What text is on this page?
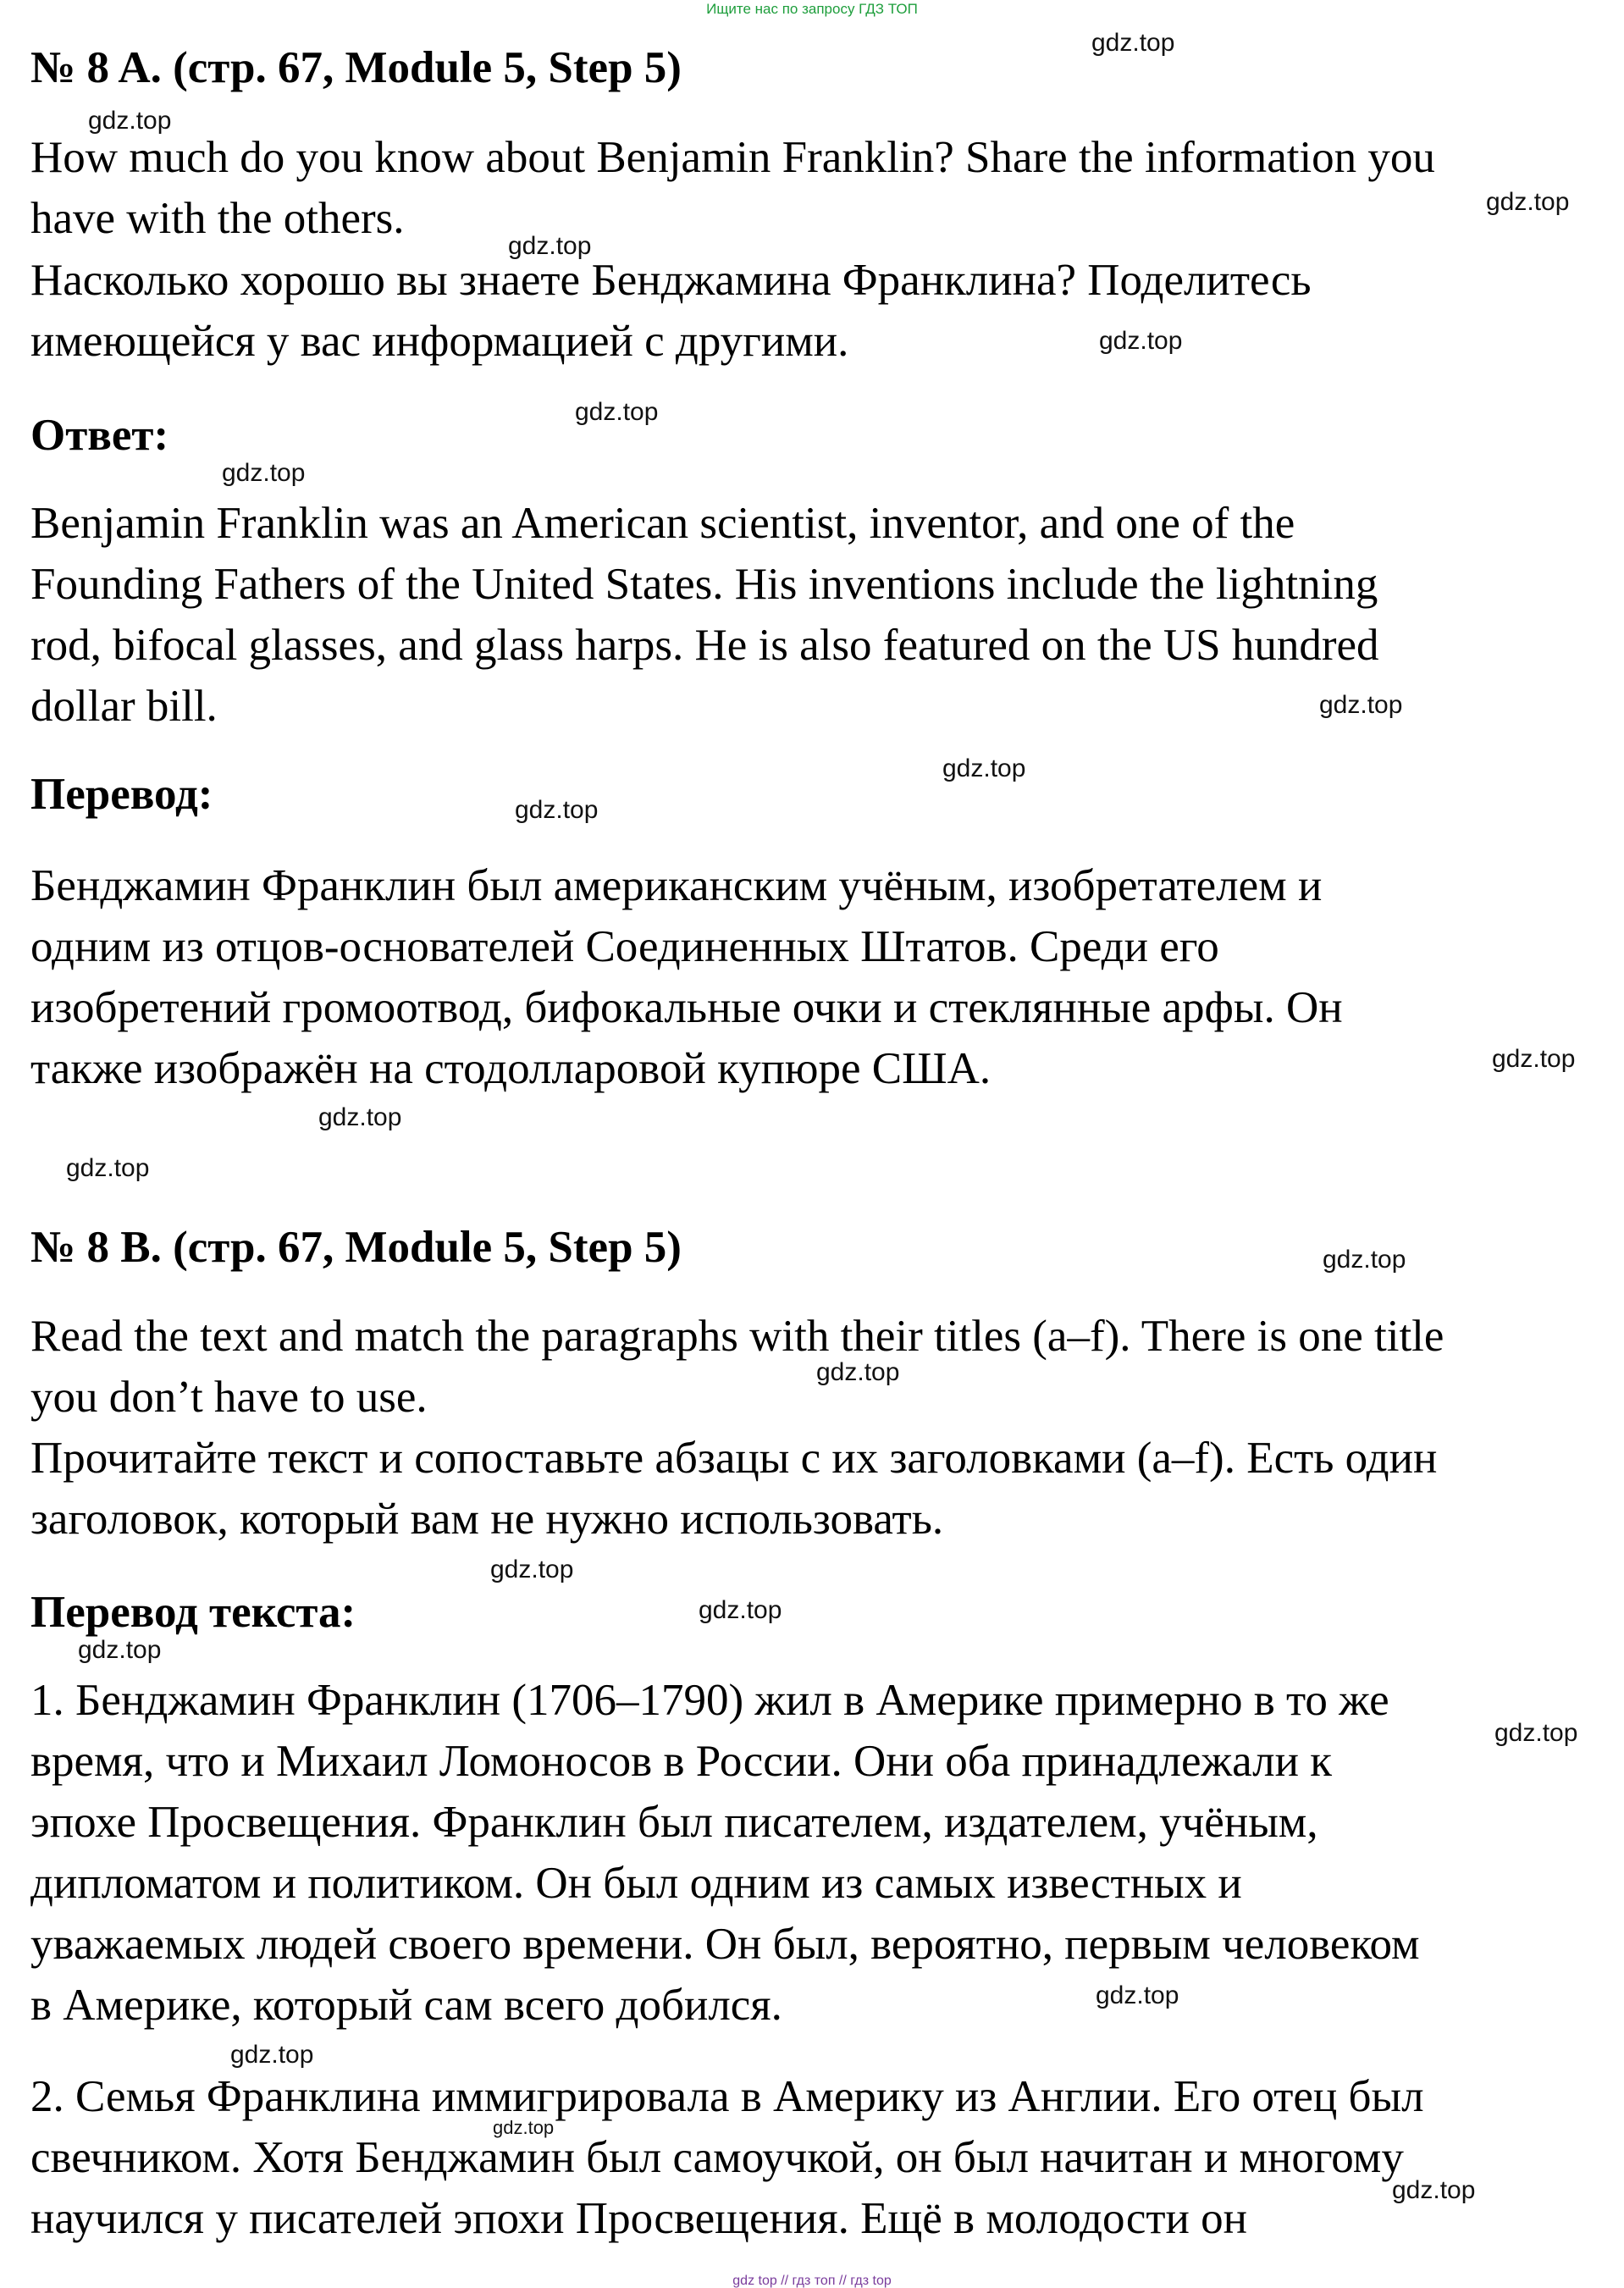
Ищите нас по запросу ГДЗ ТОП
№ 8 A. (стр. 67, Module 5, Step 5)
How much do you know about Benjamin Franklin? Share the information you
have with the others.
Насколько хорошо вы знаете Бенджамина Франклина? Поделитесь
имеющейся у вас информацией с другими.
Ответ:
Benjamin Franklin was an American scientist, inventor, and one of the
Founding Fathers of the United States. His inventions include the lightning
rod, bifocal glasses, and glass harps. He is also featured on the US hundred
dollar bill.
Перевод:
Бенджамин Франклин был американским учёным, изобретателем и
одним из отцов-основателей Соединенных Штатов. Среди его
изобретений громоотвод, бифокальные очки и стеклянные арфы. Он
также изображён на стодолларовой купюре США.
№ 8 B. (стр. 67, Module 5, Step 5)
Read the text and match the paragraphs with their titles (a–f). There is one title
you don’t have to use.
Прочитайте текст и сопоставьте абзацы с их заголовками (a–f). Есть один
заголовок, который вам не нужно использовать.
Перевод текста:
1. Бенджамин Франклин (1706–1790) жил в Америке примерно в то же
время, что и Михаил Ломоносов в России. Они оба принадлежали к
эпохе Просвещения. Франклин был писателем, издателем, учёным,
дипломатом и политиком. Он был одним из самых известных и
уважаемых людей своего времени. Он был, вероятно, первым человеком
в Америке, который сам всего добился.
2. Семья Франклина иммигрировала в Америку из Англии. Его отец был
свечником. Хотя Бенджамин был самоучкой, он был начитан и многому
научился у писателей эпохи Просвещения. Ещё в молодости он
gdz.top
gdz.top
gdz.top
gdz.top
gdz.top
gdz.top
gdz.top
gdz.top
gdz.top
gdz.top
gdz.top
gdz.top
gdz.top
gdz.top
gdz.top
gdz.top
gdz.top
gdz.top
gdz.top
gdz.top
gdz.top
gdz.top
gdz.top
gdz top // гдз топ // гдз top
